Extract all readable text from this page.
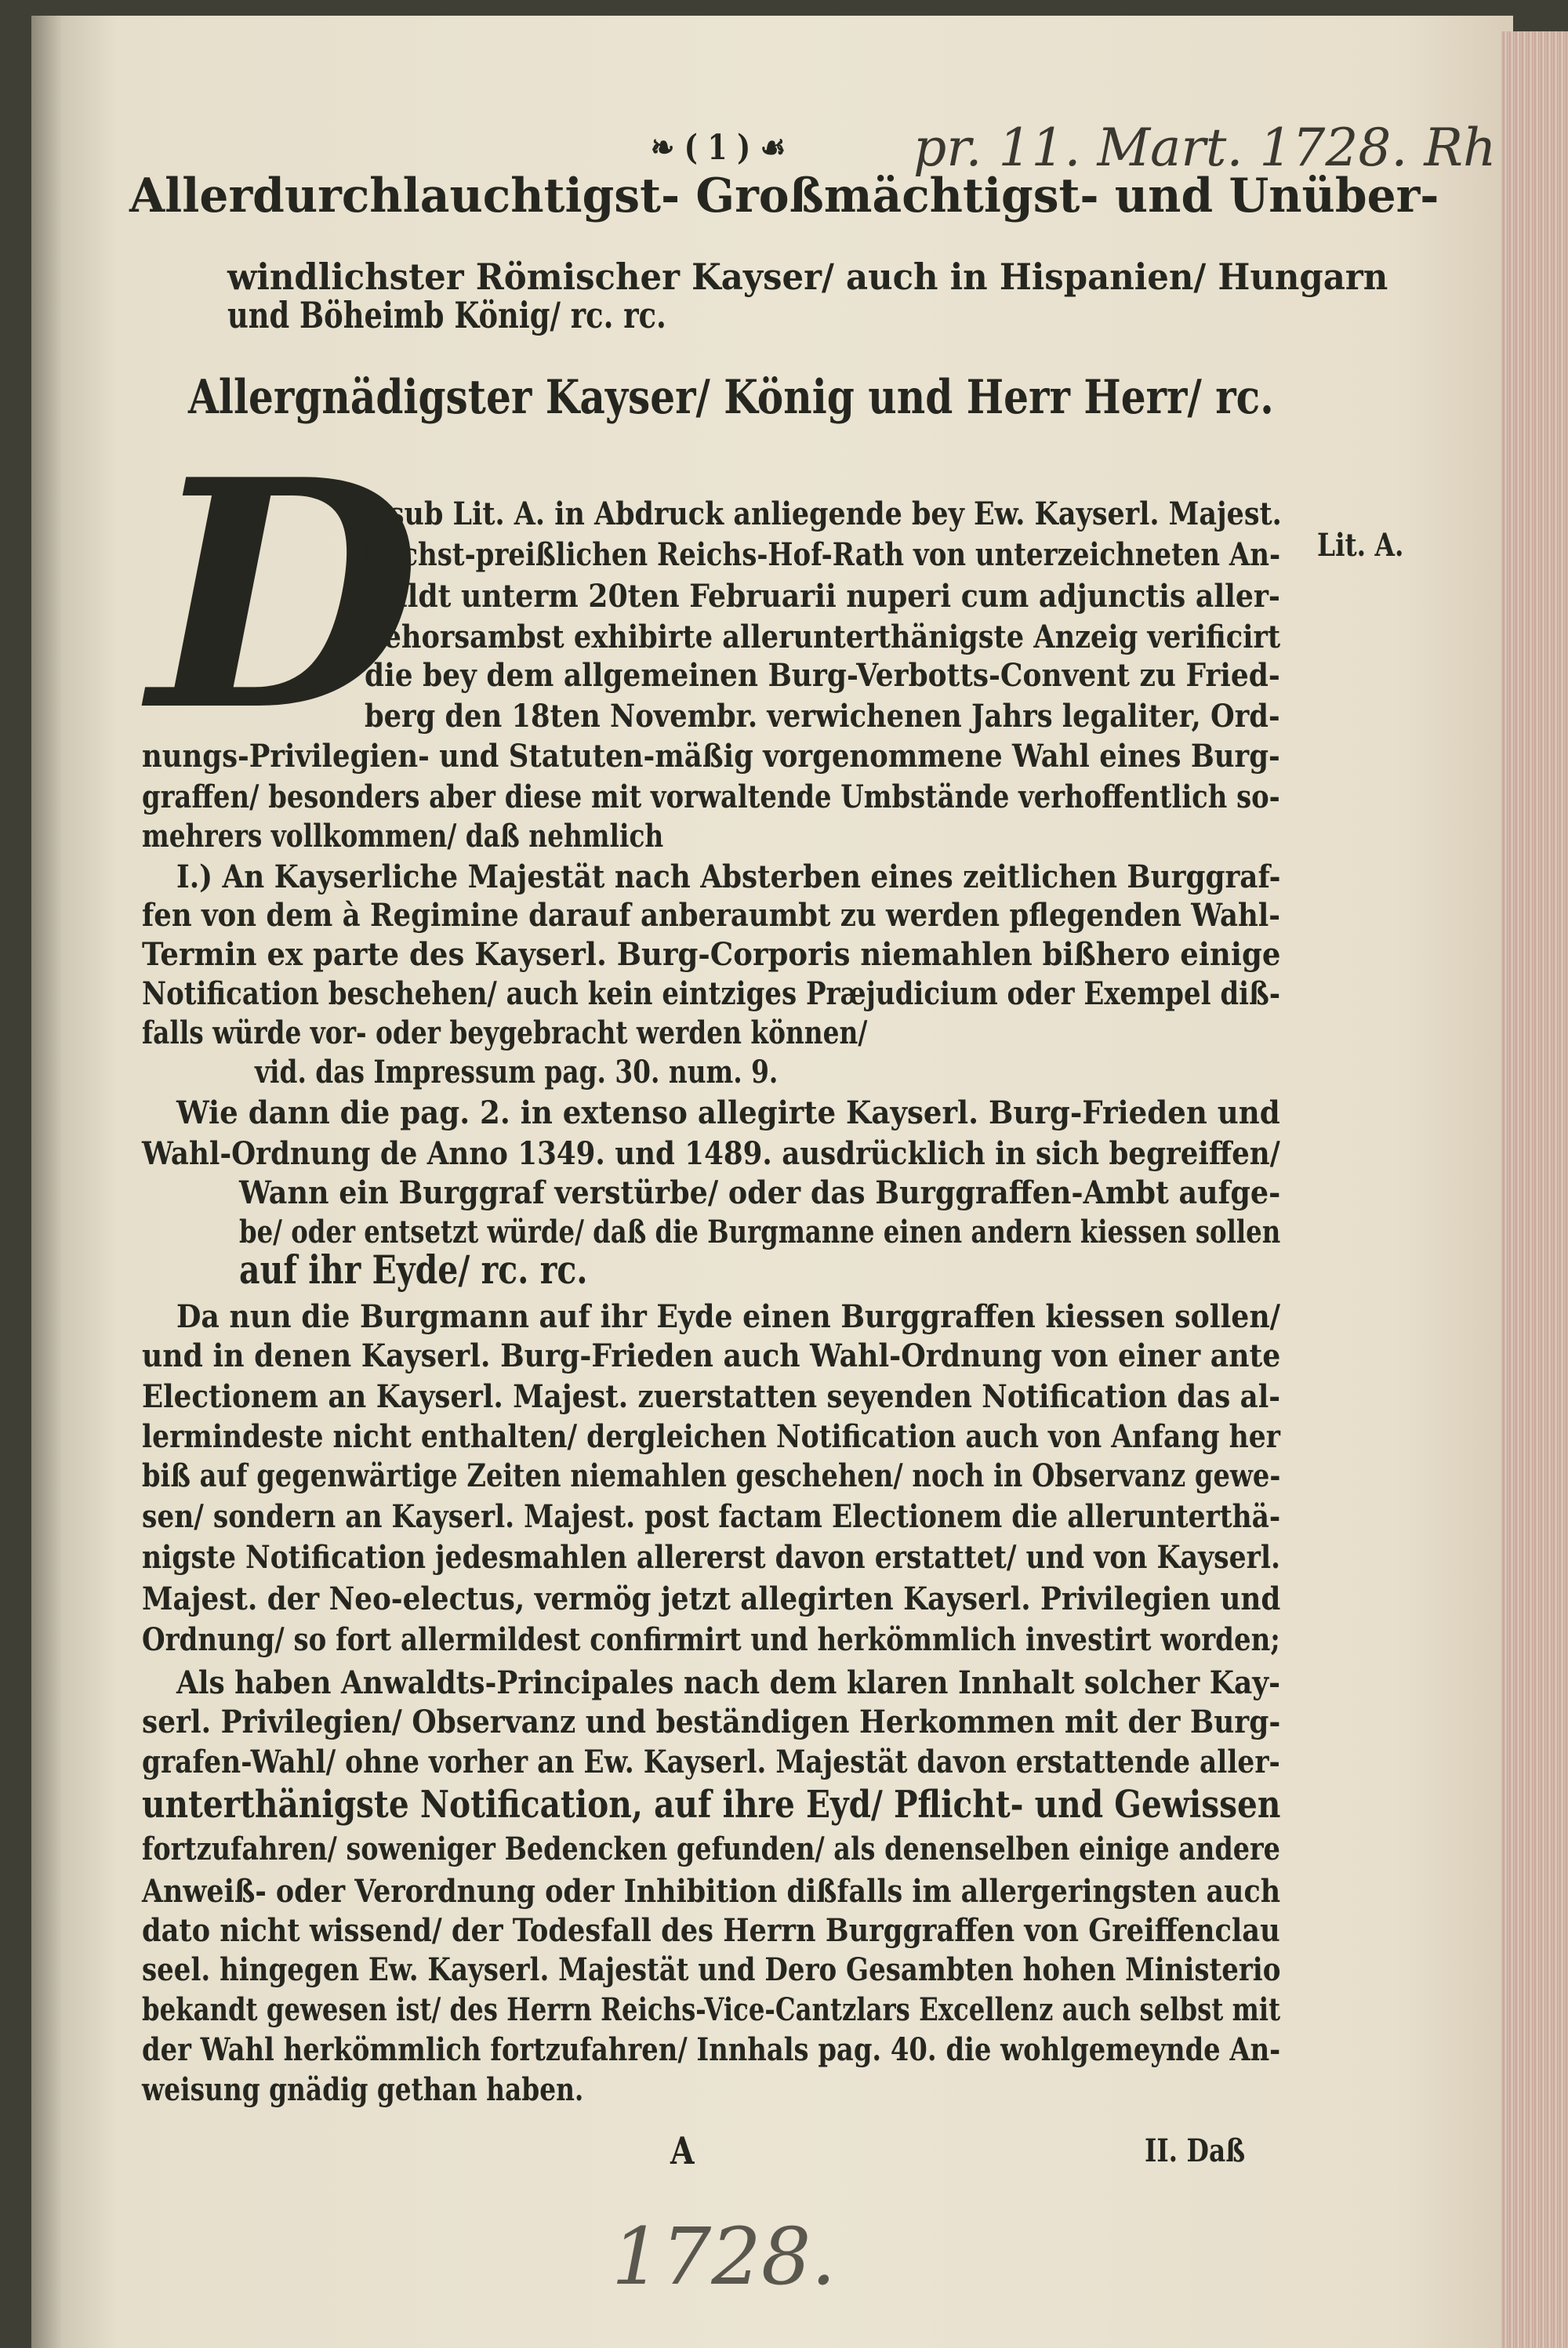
❧ ( 1 ) ☙ pr. 11. Mart. 1728. Rh
Allerdurchlauchtigst- Großmächtigst- und Unüber-
windlichster Römischer Kayser/ auch in Hispanien/ Hungarn
und Böheimb König/ rc. rc.
Allergnädigster Kayser/ König und Herr Herr/ rc.
D	Lit. A.
Je sub Lit. A. in Abdruck anliegende bey Ew. Kayserl. Majest.
höchst-preißlichen Reichs-Hof-Rath von unterzeichneten An-
waldt unterm 20ten Februarii nuperi cum adjunctis aller-
gehorsambst exhibirte allerunterthänigste Anzeig verificirt
die bey dem allgemeinen Burg-Verbotts-Convent zu Fried-
berg den 18ten Novembr. verwichenen Jahrs legaliter, Ord-
nungs-Privilegien- und Statuten-mäßig vorgenommene Wahl eines Burg-
graffen/ besonders aber diese mit vorwaltende Umbstände verhoffentlich so-
mehrers vollkommen/ daß nehmlich
I.) An Kayserliche Majestät nach Absterben eines zeitlichen Burggraf-
fen von dem à Regimine darauf anberaumbt zu werden pflegenden Wahl-
Termin ex parte des Kayserl. Burg-Corporis niemahlen bißhero einige
Notification beschehen/ auch kein eintziges Præjudicium oder Exempel diß-
falls würde vor- oder beygebracht werden können/
vid. das Impressum pag. 30. num. 9.
Wie dann die pag. 2. in extenso allegirte Kayserl. Burg-Frieden und
Wahl-Ordnung de Anno 1349. und 1489. ausdrücklich in sich begreiffen/
Wann ein Burggraf verstürbe/ oder das Burggraffen-Ambt aufge-
be/ oder entsetzt würde/ daß die Burgmanne einen andern kiessen sollen
auf ihr Eyde/ rc. rc.
Da nun die Burgmann auf ihr Eyde einen Burggraffen kiessen sollen/
und in denen Kayserl. Burg-Frieden auch Wahl-Ordnung von einer ante
Electionem an Kayserl. Majest. zuerstatten seyenden Notification das al-
lermindeste nicht enthalten/ dergleichen Notification auch von Anfang her
biß auf gegenwärtige Zeiten niemahlen geschehen/ noch in Observanz gewe-
sen/ sondern an Kayserl. Majest. post factam Electionem die allerunterthä-
nigste Notification jedesmahlen allererst davon erstattet/ und von Kayserl.
Majest. der Neo-electus, vermög jetzt allegirten Kayserl. Privilegien und
Ordnung/ so fort allermildest confirmirt und herkömmlich investirt worden;
Als haben Anwaldts-Principales nach dem klaren Innhalt solcher Kay-
serl. Privilegien/ Observanz und beständigen Herkommen mit der Burg-
grafen-Wahl/ ohne vorher an Ew. Kayserl. Majestät davon erstattende aller-
unterthänigste Notification, auf ihre Eyd/ Pflicht- und Gewissen
fortzufahren/ soweniger Bedencken gefunden/ als denenselben einige andere
Anweiß- oder Verordnung oder Inhibition dißfalls im allergeringsten auch
dato nicht wissend/ der Todesfall des Herrn Burggraffen von Greiffenclau
seel. hingegen Ew. Kayserl. Majestät und Dero Gesambten hohen Ministerio
bekandt gewesen ist/ des Herrn Reichs-Vice-Cantzlars Excellenz auch selbst mit
der Wahl herkömmlich fortzufahren/ Innhals pag. 40. die wohlgemeynde An-
weisung gnädig gethan haben.
A	II. Daß
1728.
